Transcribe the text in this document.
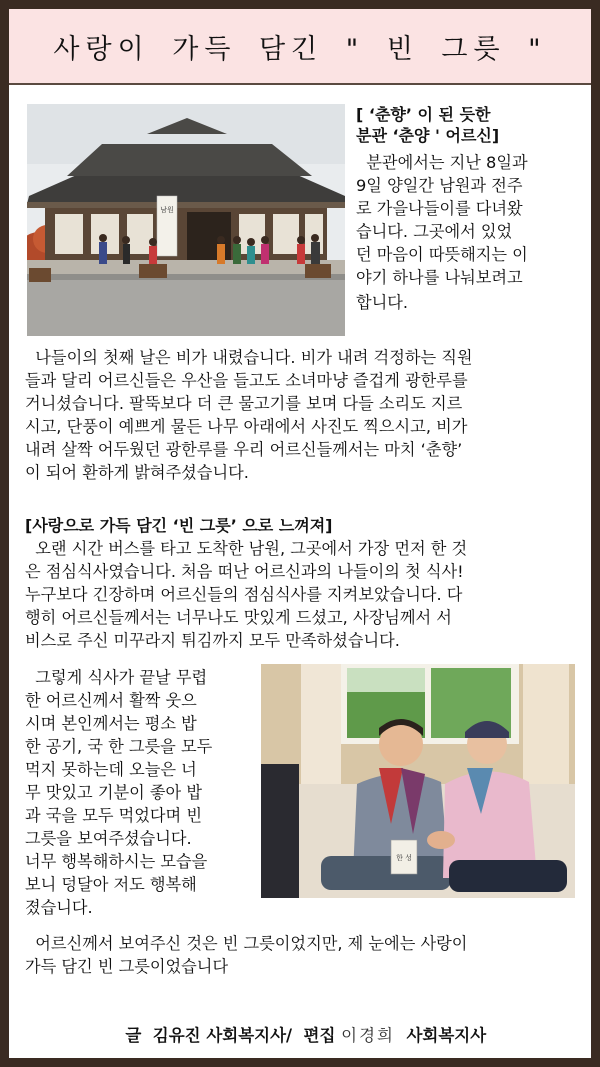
사랑이 가득 담긴 " 빈 그릇 "
남원
[ ‘춘향’ 이 된 듯한
분관 ‘춘양 ' 어르신]
분관에서는 지난 8일과
9일 양일간 남원과 전주
로 가을나들이를 다녀왔
습니다. 그곳에서 있었
던 마음이 따뜻해지는 이
야기 하나를 나눠보려고
합니다.
나들이의 첫째 날은 비가 내렸습니다. 비가 내려 걱정하는 직원
들과 달리 어르신들은 우산을 들고도 소녀마냥 즐겁게 광한루를
거니셨습니다. 팔뚝보다 더 큰 물고기를 보며 다들 소리도 지르
시고, 단풍이 예쁘게 물든 나무 아래에서 사진도 찍으시고, 비가
내려 살짝 어두웠던 광한루를 우리 어르신들께서는 마치 ‘춘향’
이 되어 환하게 밝혀주셨습니다.
[사랑으로 가득 담긴 ‘빈 그릇’ 으로 느껴져]
오랜 시간 버스를 타고 도착한 남원, 그곳에서 가장 먼저 한 것
은 점심식사였습니다. 처음 떠난 어르신과의 나들이의 첫 식사!
누구보다 긴장하며 어르신들의 점심식사를 지켜보았습니다. 다
행히 어르신들께서는 너무나도 맛있게 드셨고, 사장님께서 서
비스로 주신 미꾸라지 튀김까지 모두 만족하셨습니다.
그렇게 식사가 끝날 무렵
한 어르신께서 활짝 웃으
시며 본인께서는 평소 밥
한 공기, 국 한 그릇을 모두
먹지 못하는데 오늘은 너
무 맛있고 기분이 좋아 밥
과 국을 모두 먹었다며 빈
그릇을 보여주셨습니다.
너무 행복해하시는 모습을
보니 덩달아 저도 행복해
졌습니다.
한 성
어르신께서 보여주신 것은 빈 그릇이었지만, 제 눈에는 사랑이
가득 담긴 빈 그릇이었습니다

글  김유진 사회복지사/  편집 이경희  사회복지사
